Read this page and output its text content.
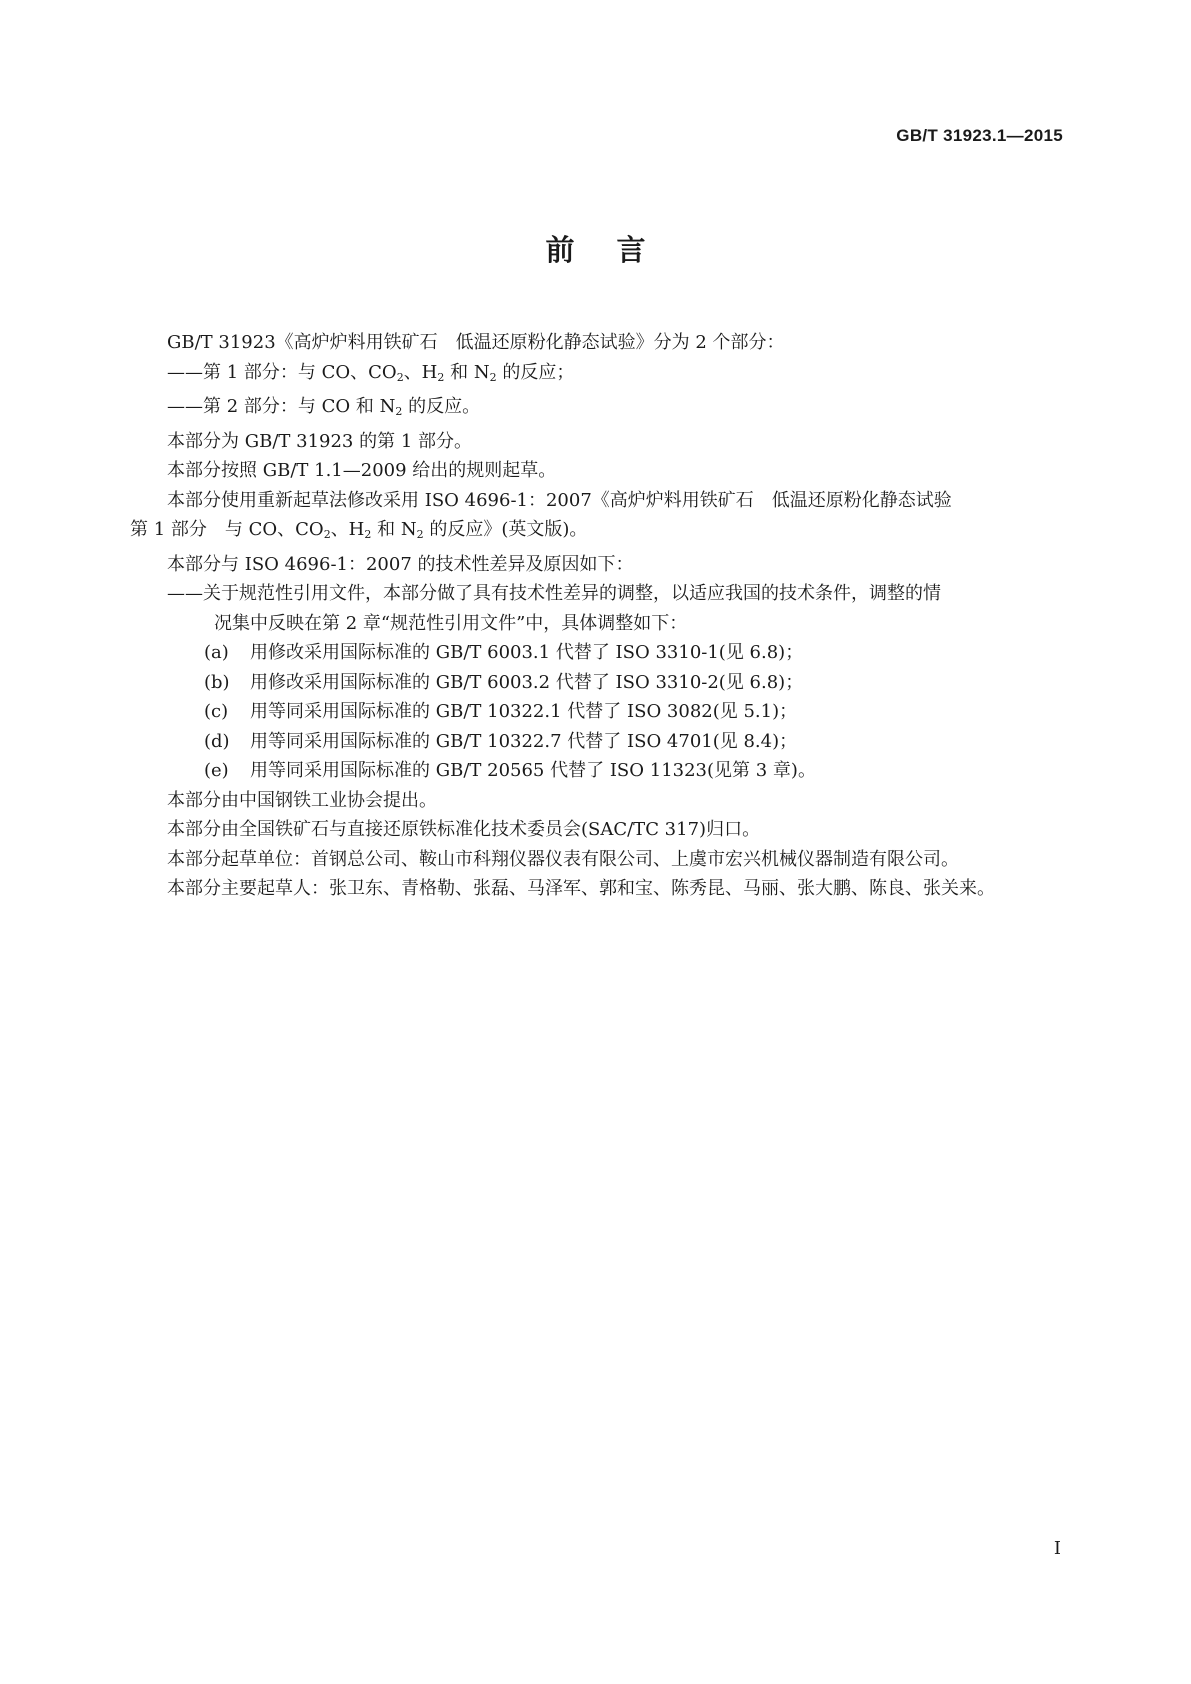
GB/T 31923.1—2015
前言

GB/T 31923《高炉炉料用铁矿石　低温还原粉化静态试验》分为 2 个部分：

——第 1 部分：与 CO、$CO_2$、$H_2$ 和 $N_2$ 的反应；

——第 2 部分：与 CO 和 $N_2$ 的反应。

本部分为 GB/T 31923 的第 1 部分。

本部分按照 GB/T 1.1—2009 给出的规则起草。

本部分使用重新起草法修改采用 ISO 4696-1：2007《高炉炉料用铁矿石　低温还原粉化静态试验

第 1 部分　与 CO、$CO_2$、$H_2$ 和 $N_2$ 的反应》(英文版)。

本部分与 ISO 4696-1：2007 的技术性差异及原因如下：

——关于规范性引用文件，本部分做了具有技术性差异的调整，以适应我国的技术条件，调整的情

况集中反映在第 2 章“规范性引用文件”中，具体调整如下：

(a) 用修改采用国际标准的 GB/T 6003.1 代替了 ISO 3310-1(见 6.8)；

(b) 用修改采用国际标准的 GB/T 6003.2 代替了 ISO 3310-2(见 6.8)；

(c) 用等同采用国际标准的 GB/T 10322.1 代替了 ISO 3082(见 5.1)；

(d) 用等同采用国际标准的 GB/T 10322.7 代替了 ISO 4701(见 8.4)；

(e) 用等同采用国际标准的 GB/T 20565 代替了 ISO 11323(见第 3 章)。

本部分由中国钢铁工业协会提出。

本部分由全国铁矿石与直接还原铁标准化技术委员会(SAC/TC 317)归口。

本部分起草单位：首钢总公司、鞍山市科翔仪器仪表有限公司、上虞市宏兴机械仪器制造有限公司。

本部分主要起草人：张卫东、青格勒、张磊、马泽军、郭和宝、陈秀昆、马丽、张大鹏、陈良、张关来。

I
